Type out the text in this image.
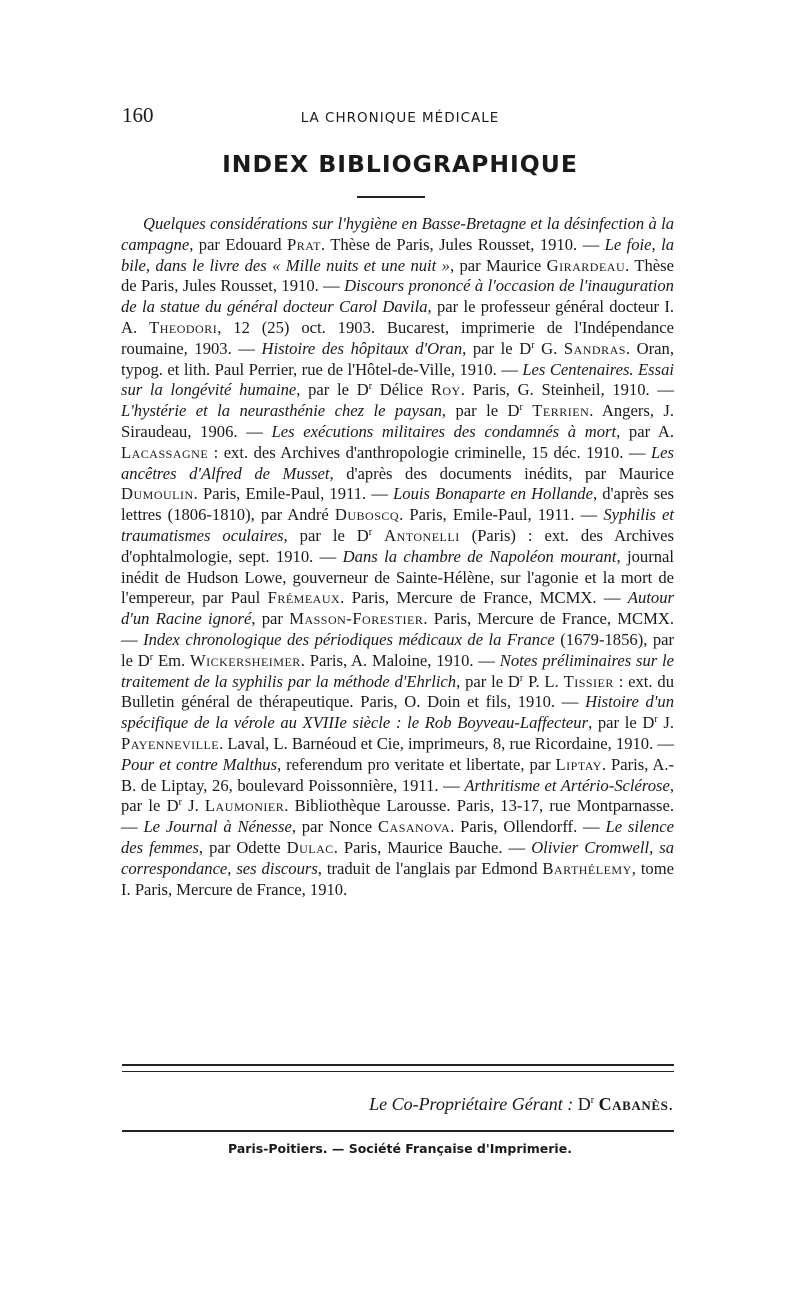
160	LA CHRONIQUE MÉDICALE
INDEX BIBLIOGRAPHIQUE

Quelques considérations sur l'hygiène en Basse-Bretagne et la désinfection à la campagne, par Edouard Prat. Thèse de Paris, Jules Rousset, 1910. — Le foie, la bile, dans le livre des « Mille nuits et une nuit », par Maurice Girardeau. Thèse de Paris, Jules Rousset, 1910. — Discours prononcé à l'occasion de l'inauguration de la statue du général docteur Carol Davila, par le professeur général docteur I. A. Theodori, 12 (25) oct. 1903. Bucarest, imprimerie de l'Indépendance roumaine, 1903. — Histoire des hôpitaux d'Oran, par le $D^r$ G. Sandras. Oran, typog. et lith. Paul Perrier, rue de l'Hôtel-de-Ville, 1910. — Les Centenaires. Essai sur la longévité humaine, par le $D^r$ Délice Roy. Paris, G. Steinheil, 1910. — L'hystérie et la neurasthénie chez le paysan, par le $D^r$ Terrien. Angers, J. Siraudeau, 1906. — Les exécutions militaires des condamnés à mort, par A. Lacassagne : ext. des Archives d'anthropologie criminelle, 15 déc. 1910. — Les ancêtres d'Alfred de Musset, d'après des documents inédits, par Maurice Dumoulin. Paris, Emile-Paul, 1911. — Louis Bonaparte en Hollande, d'après ses lettres (1806-1810), par André Duboscq. Paris, Emile-Paul, 1911. — Syphilis et traumatismes oculaires, par le $D^r$ Antonelli (Paris) : ext. des Archives d'ophtalmologie, sept. 1910. — Dans la chambre de Napoléon mourant, journal inédit de Hudson Lowe, gouverneur de Sainte-Hélène, sur l'agonie et la mort de l'empereur, par Paul Frémeaux. Paris, Mercure de France, MCMX. — Autour d'un Racine ignoré, par Masson-Forestier. Paris, Mercure de France, MCMX. — Index chronologique des périodiques médicaux de la France (1679-1856), par le $D^r$ Em. Wickersheimer. Paris, A. Maloine, 1910. — Notes préliminaires sur le traitement de la syphilis par la méthode d'Ehrlich, par le $D^r$ P. L. Tissier : ext. du Bulletin général de thérapeutique. Paris, O. Doin et fils, 1910. — Histoire d'un spécifique de la vérole au XVIIIe siècle : le Rob Boyveau-Laffecteur, par le $D^r$ J. Payenneville. Laval, L. Barnéoud et Cie, imprimeurs, 8, rue Ricordaine, 1910. — Pour et contre Malthus, referendum pro veritate et libertate, par Liptay. Paris, A.-B. de Liptay, 26, boulevard Poissonnière, 1911. — Arthritisme et Artério-Sclérose, par le $D^r$ J. Laumonier. Bibliothèque Larousse. Paris, 13-17, rue Montparnasse. — Le Journal à Nénesse, par Nonce Casanova. Paris, Ollendorff. — Le silence des femmes, par Odette Dulac. Paris, Maurice Bauche. — Olivier Cromwell, sa correspondance, ses discours, traduit de l'anglais par Edmond Barthélemy, tome I. Paris, Mercure de France, 1910.

Le Co-Propriétaire Gérant : $D^r$ Cabanès.
Paris-Poitiers. — Société Française d'Imprimerie.
